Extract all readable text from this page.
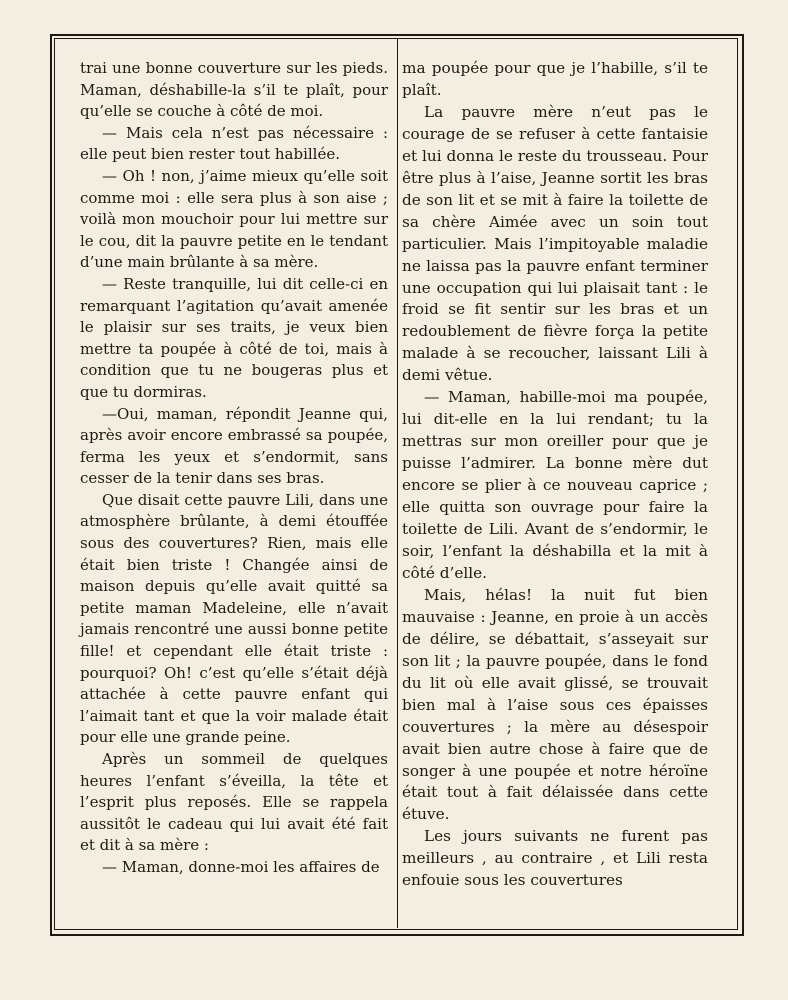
trai une bonne couverture sur les pieds. Maman, déshabille-la s’il te plaît, pour qu’elle se couche à côté de moi.

— Mais cela n’est pas nécessaire : elle peut bien rester tout habillée.

— Oh ! non, j’aime mieux qu’elle soit comme moi : elle sera plus à son aise ; voilà mon mouchoir pour lui mettre sur le cou, dit la pauvre petite en le tendant d’une main brûlante à sa mère.

— Reste tranquille, lui dit celle-ci en remarquant l’agitation qu’avait amenée le plaisir sur ses traits, je veux bien mettre ta poupée à côté de toi, mais à condition que tu ne bougeras plus et que tu dormiras.

—Oui, maman, répondit Jeanne qui, après avoir encore embrassé sa poupée, ferma les yeux et s’endormit, sans cesser de la tenir dans ses bras.

Que disait cette pauvre Lili, dans une atmosphère brûlante, à demi étouffée sous des couvertures? Rien, mais elle était bien triste ! Changée ainsi de maison depuis qu’elle avait quitté sa petite maman Madeleine, elle n’avait jamais rencontré une aussi bonne petite fille! et cependant elle était triste : pourquoi? Oh! c’est qu’elle s’était déjà attachée à cette pauvre enfant qui l’aimait tant et que la voir malade était pour elle une grande peine.

Après un sommeil de quelques heures l’enfant s’éveilla, la tête et l’esprit plus reposés. Elle se rappela aussitôt le cadeau qui lui avait été fait et dit à sa mère :

— Maman, donne-moi les affaires de

ma poupée pour que je l’habille, s’il te plaît.

La pauvre mère n’eut pas le courage de se refuser à cette fantaisie et lui donna le reste du trousseau. Pour être plus à l’aise, Jeanne sortit les bras de son lit et se mit à faire la toilette de sa chère Aimée avec un soin tout particulier. Mais l’impitoyable maladie ne laissa pas la pauvre enfant terminer une occupation qui lui plaisait tant : le froid se fit sentir sur les bras et un redoublement de fièvre força la petite malade à se recoucher, laissant Lili à demi vêtue.

— Maman, habille-moi ma poupée, lui dit-elle en la lui rendant; tu la mettras sur mon oreiller pour que je puisse l’admirer. La bonne mère dut encore se plier à ce nouveau caprice ; elle quitta son ouvrage pour faire la toilette de Lili. Avant de s’endormir, le soir, l’enfant la déshabilla et la mit à côté d’elle.

Mais, hélas! la nuit fut bien mauvaise : Jeanne, en proie à un accès de délire, se débattait, s’asseyait sur son lit ; la pauvre poupée, dans le fond du lit où elle avait glissé, se trouvait bien mal à l’aise sous ces épaisses couvertures ; la mère au désespoir avait bien autre chose à faire que de songer à une poupée et notre héroïne était tout à fait délaissée dans cette étuve.

Les jours suivants ne furent pas meilleurs , au contraire , et Lili resta enfouie sous les couvertures
